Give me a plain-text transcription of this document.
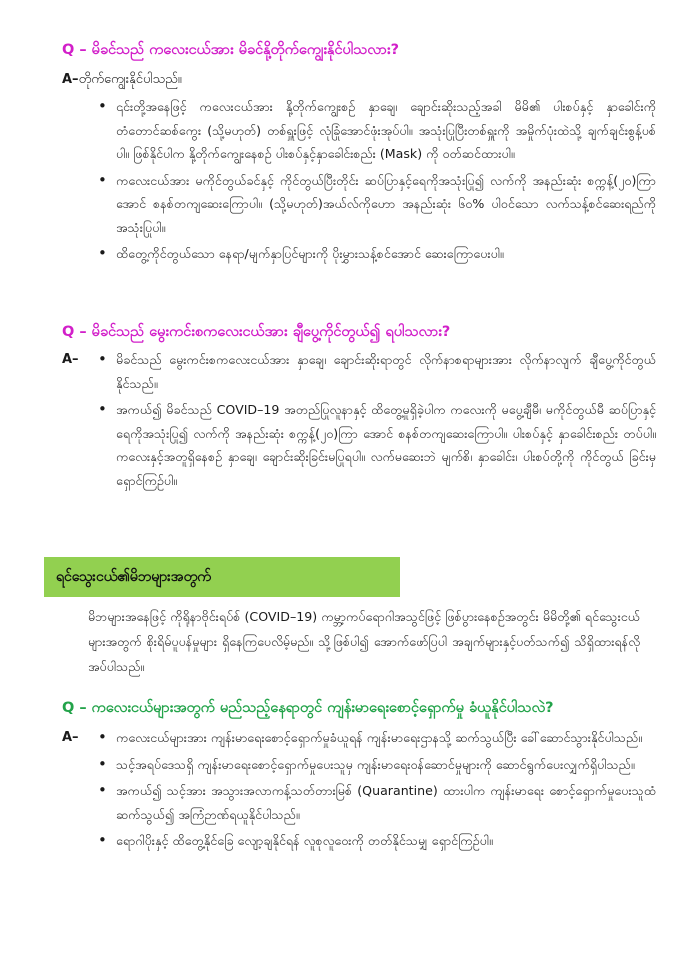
Q – မိခင်သည် ကလေးငယ်အား မိခင်နို့တိုက်ကျွေးနိုင်ပါသလား?
A–တိုက်ကျွေးနိုင်ပါသည်။
• ၎င်းတို့အနေဖြင့် ကလေးငယ်အား နို့တိုက်ကျွေးစဉ် နှာချေ၊ ချောင်းဆိုးသည့်အခါ မိမိ၏ ပါးစပ်နှင့် နှာခေါင်းကို တံတောင်ဆစ်ကွေး (သို့မဟုတ်) တစ်ရှူးဖြင့် လုံခြုံအောင်ဖုံးအုပ်ပါ။ အသုံးပြုပြီးတစ်ရှူးကို အမှိုက်ပုံးထဲသို့ ချက်ချင်းစွန့်ပစ်ပါ။ ဖြစ်နိုင်ပါက နို့တိုက်ကျွေးနေစဉ် ပါးစပ်နှင့်နှာခေါင်းစည်း (Mask) ကို ဝတ်ဆင်ထားပါ။
• ကလေးငယ်အား မကိုင်တွယ်ခင်နှင့် ကိုင်တွယ်ပြီးတိုင်း ဆပ်ပြာနှင့်ရေကိုအသုံးပြု၍ လက်ကို အနည်းဆုံး စက္ကန့်(၂၀)ကြာအောင် စနစ်တကျဆေးကြောပါ။ (သို့မဟုတ်)အယ်လ်ကိုဟော အနည်းဆုံး ၆၀% ပါဝင်သော လက်သန့်စင်ဆေးရည်ကို အသုံးပြုပါ။
• ထိတွေ့ကိုင်တွယ်သော နေရာ/မျက်နှာပြင်များကို ပိုးမွှားသန့်စင်အောင် ဆေးကြောပေးပါ။
Q – မိခင်သည် မွေးကင်းစကလေးငယ်အား ချီပွေ့ကိုင်တွယ်၍ ရပါသလား?
A–	• မိခင်သည် မွေးကင်းစကလေးငယ်အား နှာချေ၊ ချောင်းဆိုးရာတွင် လိုက်နာစရာများအား လိုက်နာလျက် ချီပွေ့ကိုင်တွယ်နိုင်သည်။
• အကယ်၍ မိခင်သည် COVID–19 အတည်ပြုလူနာနှင့် ထိတွေ့မှုရှိခဲ့ပါက ကလေးကို မပွေ့ချီမီ၊ မကိုင်တွယ်မီ ဆပ်ပြာနှင့် ရေကိုအသုံးပြု၍ လက်ကို အနည်းဆုံး စက္ကန့်(၂၀)ကြာ အောင် စနစ်တကျဆေးကြောပါ။ ပါးစပ်နှင့် နှာခေါင်းစည်း တပ်ပါ။ ကလေးနှင့်အတူရှိနေစဉ် နှာချေ၊ ချောင်းဆိုးခြင်းမပြုရပါ။ လက်မဆေးဘဲ မျက်စိ၊ နှာခေါင်း၊ ပါးစပ်တို့ကို ကိုင်တွယ် ခြင်းမှ ရှောင်ကြဉ်ပါ။
ရင်သွေးငယ်၏မိဘများအတွက်
မိဘများအနေဖြင့် ကိုရိုနာဗိုင်းရပ်စ် (COVID–19) ကမ္ဘာ့ကပ်ရောဂါအသွင်ဖြင့် ဖြစ်ပွားနေစဉ်အတွင်း မိမိတို့၏ ရင်သွေးငယ်များအတွက် စိုးရိမ်ပူပန်မှုများ ရှိနေကြပေလိမ့်မည်။ သို့ဖြစ်ပါ၍ အောက်ဖော်ပြပါ အချက်များနှင့်ပတ်သက်၍ သိရှိထားရန်လိုအပ်ပါသည်။
Q – ကလေးငယ်များအတွက် မည်သည့်နေရာတွင် ကျန်းမာရေးစောင့်ရှောက်မှု ခံယူနိုင်ပါသလဲ?
A–	• ကလေးငယ်များအား ကျန်းမာရေးစောင့်ရှောက်မှုခံယူရန် ကျန်းမာရေးဌာနသို့ ဆက်သွယ်ပြီး ခေါ်ဆောင်သွားနိုင်ပါသည်။
• သင့်အရပ်ဒေသရှိ ကျန်းမာရေးစောင့်ရှောက်မှုပေးသူမှ ကျန်းမာရေးဝန်ဆောင်မှုများကို ဆောင်ရွက်ပေးလျှက်ရှိပါသည်။
• အကယ်၍ သင့်အား အသွားအလာကန့်သတ်တားမြစ် (Quarantine) ထားပါက ကျန်းမာရေး စောင့်ရှောက်မှုပေးသူထံ ဆက်သွယ်၍ အကြံဉာဏ်ရယူနိုင်ပါသည်။
• ရောဂါပိုးနှင့် ထိတွေ့နိုင်ခြေ လျော့ချနိုင်ရန် လူစုလူဝေးကို တတ်နိုင်သမျှ ရှောင်ကြဉ်ပါ။
